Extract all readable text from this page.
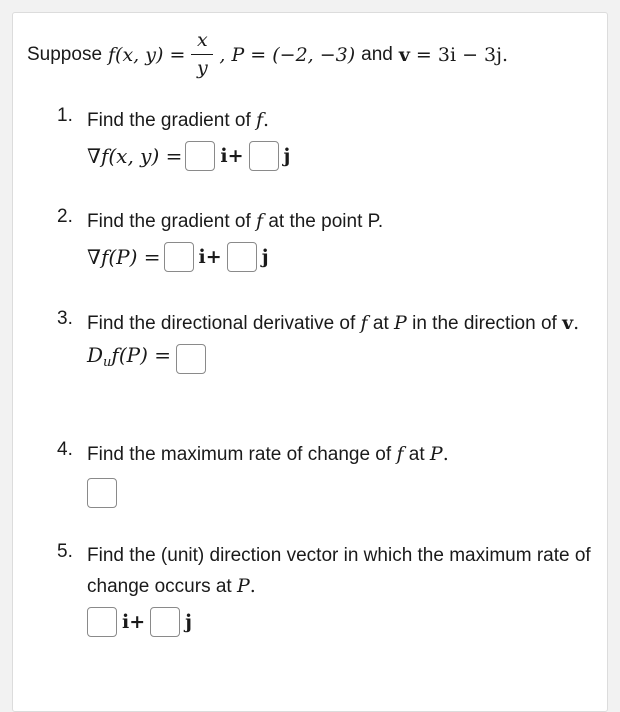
Suppose f(x, $y) = \frac{x}{y}$ , P = (−2, −3) and v = 3i − 3j.
1. Find the gradient of f.
∇f(x, y) = i+ j
2. Find the gradient of f at the point P.
∇f(P) = i+ j
3. Find the directional derivative of f at P in the direction of v.
$D_uf(P)$ =
4. Find the maximum rate of change of f at P.
5. Find the (unit) direction vector in which the maximum rate of change occurs at P.
i+ j
